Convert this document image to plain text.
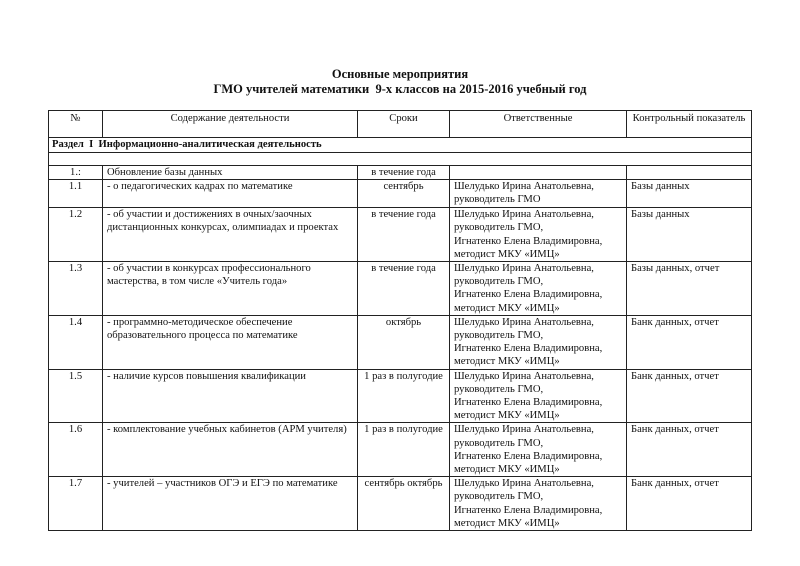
Основные мероприятия
ГМО учителей математики  9-х классов на 2015-2016 учебный год
№	Содержание деятельности	Сроки	Ответственные	Контрольный показатель
Раздел  I  Информационно-аналитическая деятельность

1.:	Обновление базы данных	в течение года		
1.1	- о педагогических кадрах по математике	сентябрь	Шелудько Ирина Анатольевна,
руководитель ГМО	Базы данных
1.2	- об участии и достижениях в очных/заочных дистанционных конкурсах, олимпиадах и проектах	в течение года	Шелудько Ирина Анатольевна,
руководитель ГМО,
Игнатенко Елена Владимировна,
методист МКУ «ИМЦ»	Базы данных
1.3	- об участии в конкурсах профессионального мастерства, в том числе «Учитель года»	в течение года	Шелудько Ирина Анатольевна,
руководитель ГМО,
Игнатенко Елена Владимировна,
методист МКУ «ИМЦ»	Базы данных, отчет
1.4	- программно-методическое обеспечение образовательного процесса по математике	октябрь	Шелудько Ирина Анатольевна,
руководитель ГМО,
Игнатенко Елена Владимировна,
методист МКУ «ИМЦ»	Банк данных, отчет
1.5	- наличие курсов повышения квалификации	1 раз в полугодие	Шелудько Ирина Анатольевна,
руководитель ГМО,
Игнатенко Елена Владимировна,
методист МКУ «ИМЦ»	Банк данных, отчет
1.6	- комплектование учебных кабинетов (АРМ учителя)	1 раз в полугодие	Шелудько Ирина Анатольевна,
руководитель ГМО,
Игнатенко Елена Владимировна,
методист МКУ «ИМЦ»	Банк данных, отчет
1.7	- учителей – участников ОГЭ и ЕГЭ по математике	сентябрь октябрь	Шелудько Ирина Анатольевна,
руководитель ГМО,
Игнатенко Елена Владимировна,
методист МКУ «ИМЦ»	Банк данных, отчет
